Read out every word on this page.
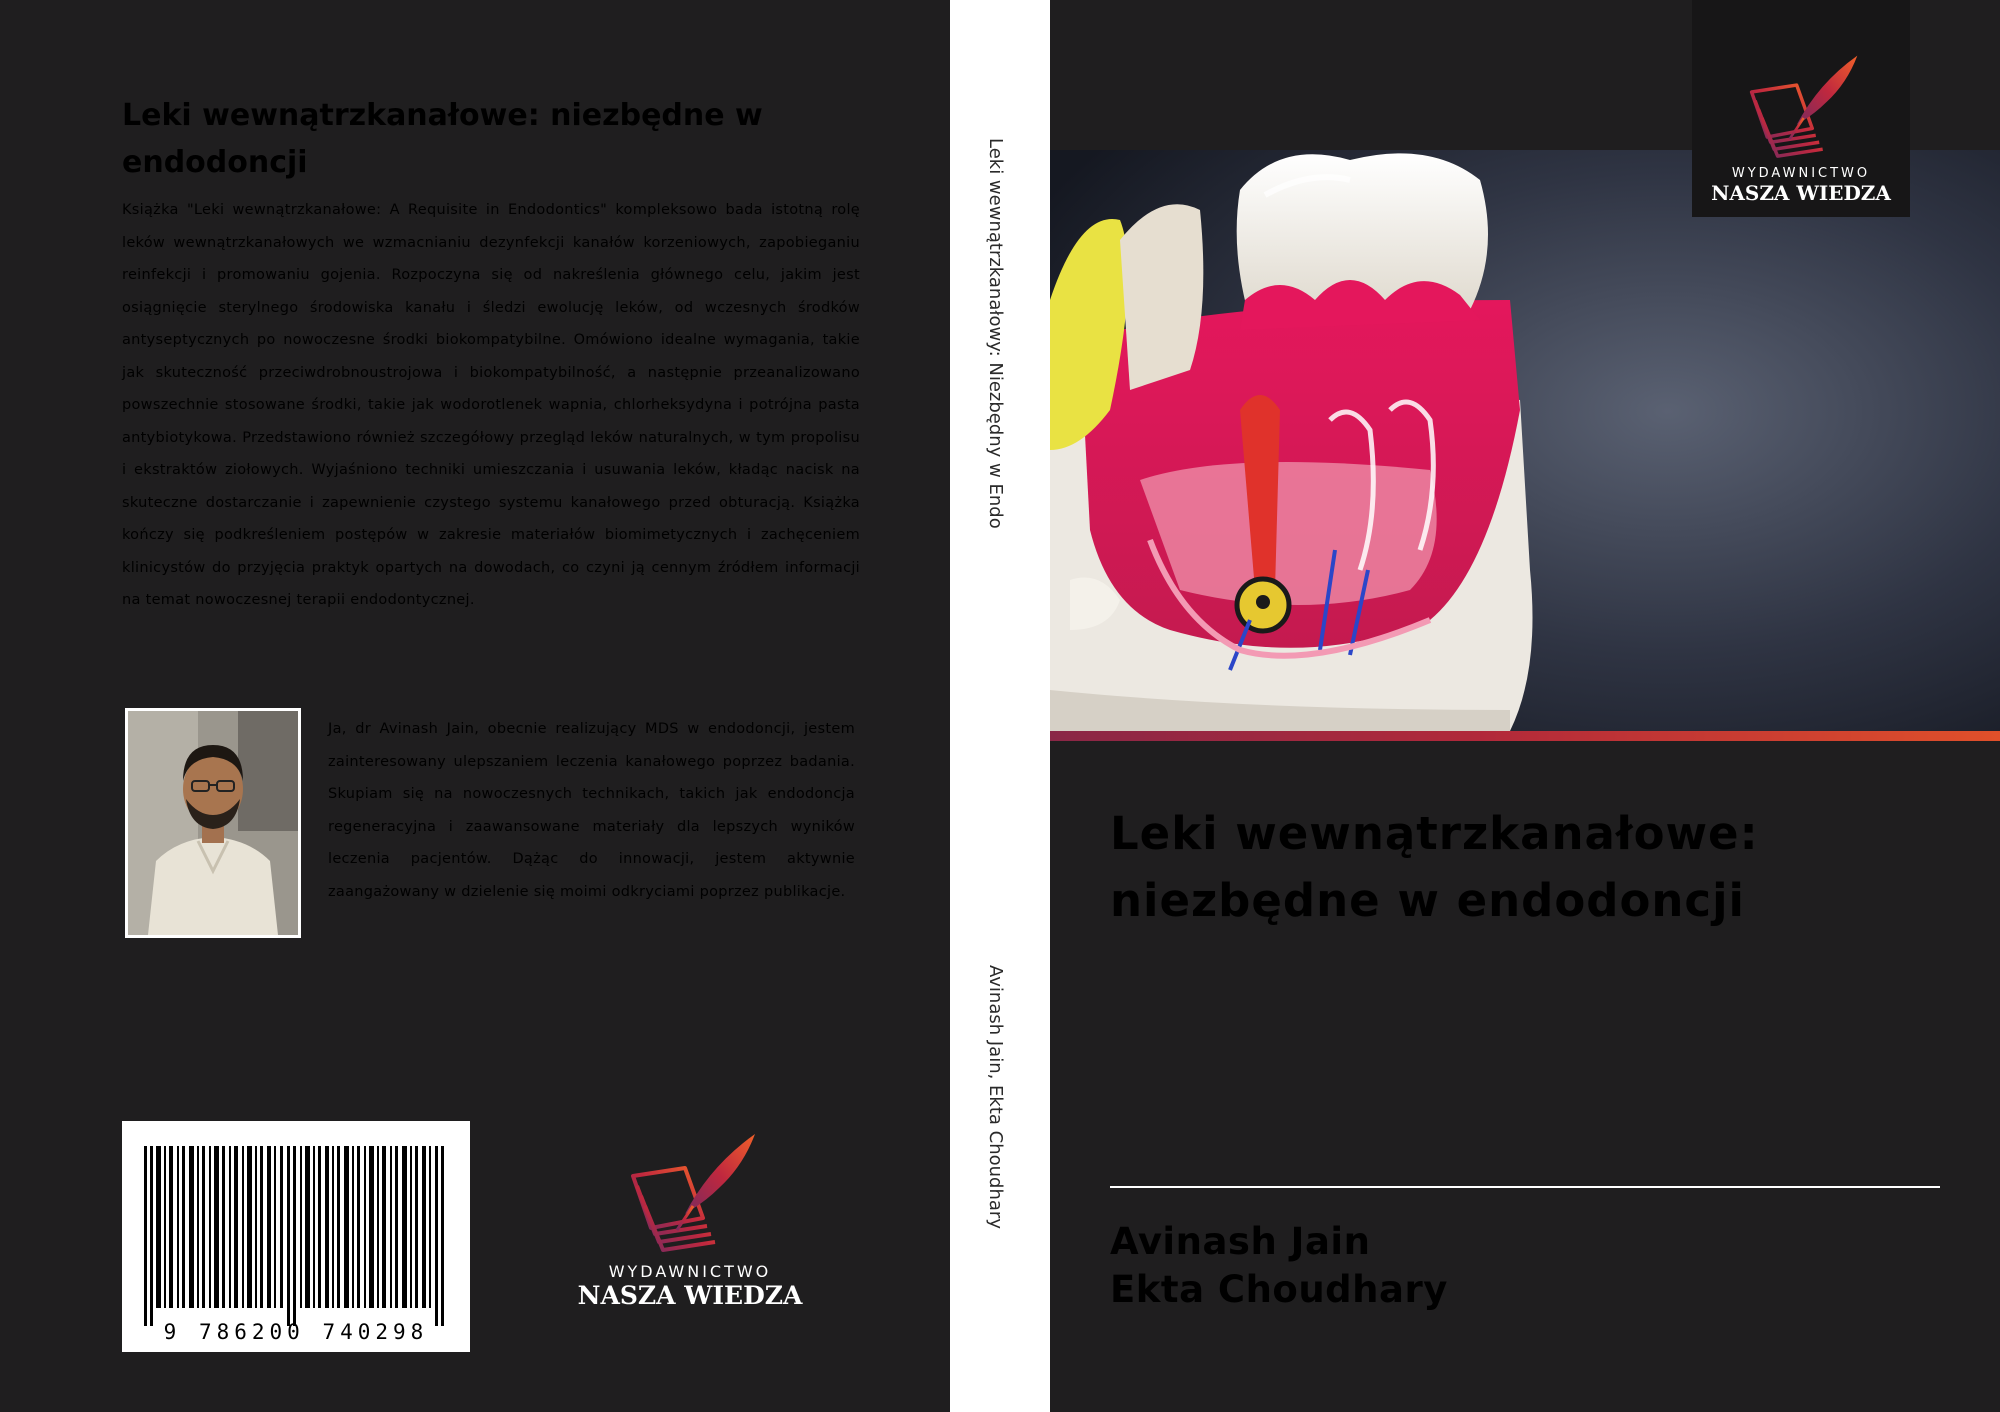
Leki wewnątrzkanałowe: niezbędne w endodoncji

Książka "Leki wewnątrzkanałowe: A Requisite in Endodontics" kompleksowo bada istotną rolę leków wewnątrzkanałowych we wzmacnianiu dezynfekcji kanałów korzeniowych, zapobieganiu reinfekcji i promowaniu gojenia. Rozpoczyna się od nakreślenia głównego celu, jakim jest osiągnięcie sterylnego środowiska kanału i śledzi ewolucję leków, od wczesnych środków antyseptycznych po nowoczesne środki biokompatybilne. Omówiono idealne wymagania, takie jak skuteczność przeciwdrobnoustrojowa i biokompatybilność, a następnie przeanalizowano powszechnie stosowane środki, takie jak wodorotlenek wapnia, chlorheksydyna i potrójna pasta antybiotykowa. Przedstawiono również szczegółowy przegląd leków naturalnych, w tym propolisu i ekstraktów ziołowych. Wyjaśniono techniki umieszczania i usuwania leków, kładąc nacisk na skuteczne dostarczanie i zapewnienie czystego systemu kanałowego przed obturacją. Książka kończy się podkreśleniem postępów w zakresie materiałów biomimetycznych i zachęceniem klinicystów do przyjęcia praktyk opartych na dowodach, co czyni ją cennym źródłem informacji na temat nowoczesnej terapii endodontycznej.

Ja, dr Avinash Jain, obecnie realizujący MDS w endodoncji, jestem zainteresowany ulepszaniem leczenia kanałowego poprzez badania. Skupiam się na nowoczesnych technikach, takich jak endodoncja regeneracyjna i zaawansowane materiały dla lepszych wyników leczenia pacjentów. Dążąc do innowacji, jestem aktywnie zaangażowany w dzielenie się moimi odkryciami poprzez publikacje.

9 786200 740298
WYDAWNICTWO
NASZA WIEDZA
Leki wewnątrzkanałowy: Niezbędny w Endo
Avinash Jain, Ekta Choudhary
WYDAWNICTWO
NASZA WIEDZA
Leki wewnątrzkanałowe:
niezbędne w endodoncji
Avinash Jain
Ekta Choudhary
